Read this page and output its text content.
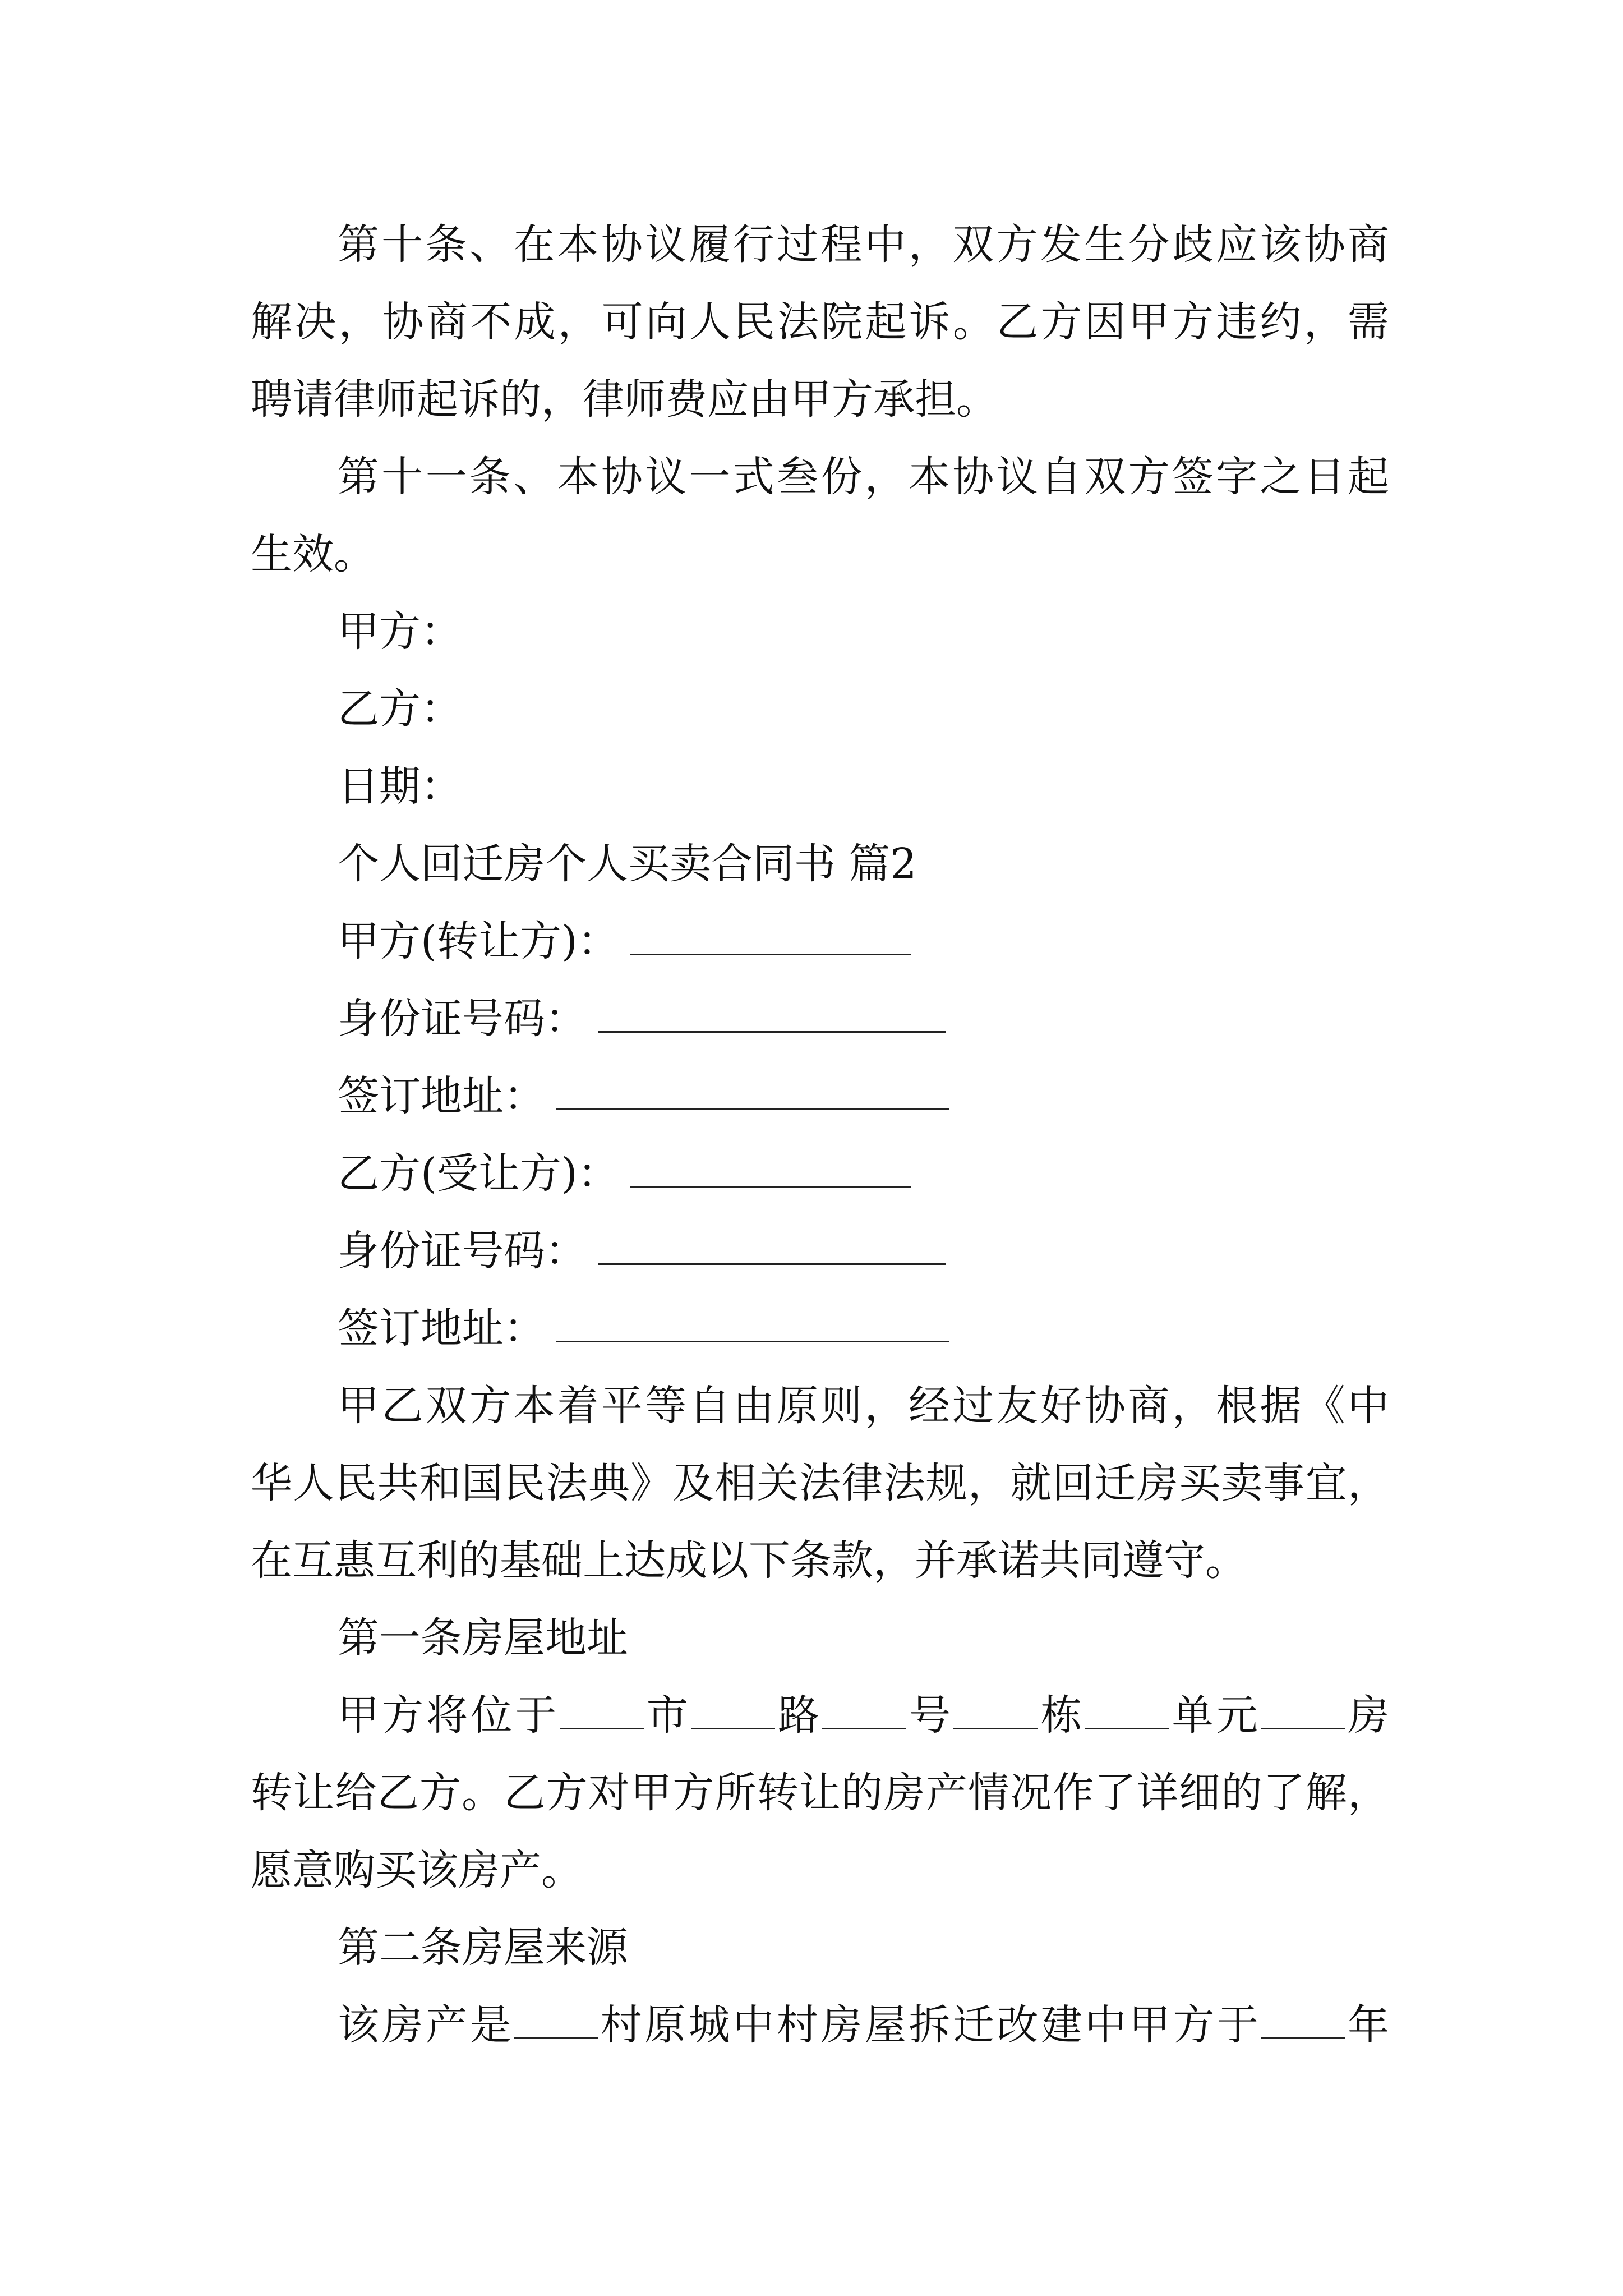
第十条、在本协议履行过程中，双方发生分歧应该协商
解决，协商不成，可向人民法院起诉。乙方因甲方违约，需
聘请律师起诉的，律师费应由甲方承担。
第十一条、本协议一式叁份，本协议自双方签字之日起
生效。
甲方：
乙方：
日期：
个人回迁房个人买卖合同书 篇2
甲方(转让方)：
身份证号码：
签订地址：
乙方(受让方)：
身份证号码：
签订地址：
甲乙双方本着平等自由原则，经过友好协商，根据《中
华人民共和国民法典》及相关法律法规，就回迁房买卖事宜，
在互惠互利的基础上达成以下条款，并承诺共同遵守。
第一条房屋地址
甲方将位于 市 路 号 栋 单元 房
转让给乙方。乙方对甲方所转让的房产情况作了详细的了解，
愿意购买该房产。
第二条房屋来源
该房产是 村原城中村房屋拆迁改建中甲方于 年
